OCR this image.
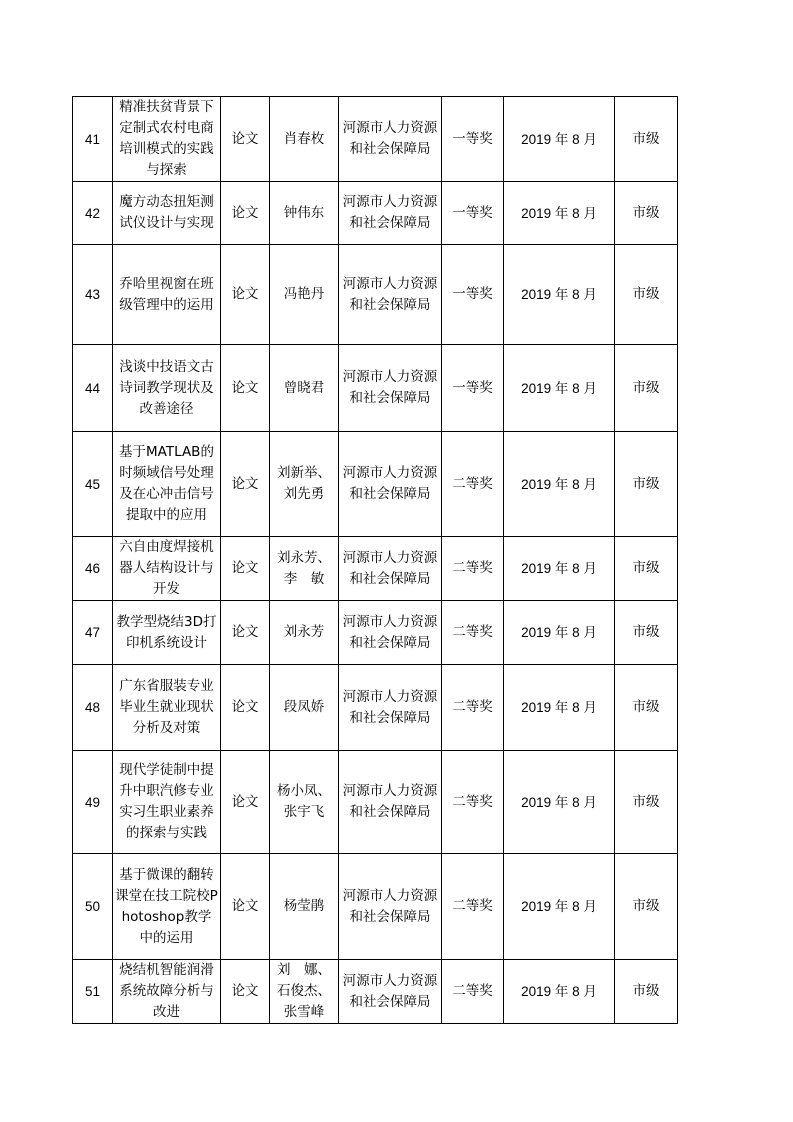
41	精准扶贫背景下定制式农村电商培训模式的实践与探索	论文	肖春枚	河源市人力资源和社会保障局	一等奖	2019 年 8 月	市级
42	魔方动态扭矩测试仪设计与实现	论文	钟伟东	河源市人力资源和社会保障局	一等奖	2019 年 8 月	市级
43	乔哈里视窗在班级管理中的运用	论文	冯艳丹	河源市人力资源和社会保障局	一等奖	2019 年 8 月	市级
44	浅谈中技语文古诗词教学现状及改善途径	论文	曾晓君	河源市人力资源和社会保障局	一等奖	2019 年 8 月	市级
45	基于MATLAB的时频域信号处理及在心冲击信号提取中的应用	论文	刘新举、刘先勇	河源市人力资源和社会保障局	二等奖	2019 年 8 月	市级
46	六自由度焊接机器人结构设计与开发	论文	刘永芳、李　敏	河源市人力资源和社会保障局	二等奖	2019 年 8 月	市级
47	教学型烧结3D打印机系统设计	论文	刘永芳	河源市人力资源和社会保障局	二等奖	2019 年 8 月	市级
48	广东省服装专业毕业生就业现状分析及对策	论文	段凤娇	河源市人力资源和社会保障局	二等奖	2019 年 8 月	市级
49	现代学徒制中提升中职汽修专业实习生职业素养的探索与实践	论文	杨小凤、张宇飞	河源市人力资源和社会保障局	二等奖	2019 年 8 月	市级
50	基于微课的翻转课堂在技工院校Photoshop教学中的运用	论文	杨莹鹃	河源市人力资源和社会保障局	二等奖	2019 年 8 月	市级
51	烧结机智能润滑系统故障分析与改进	论文	刘　娜、石俊杰、张雪峰	河源市人力资源和社会保障局	二等奖	2019 年 8 月	市级
